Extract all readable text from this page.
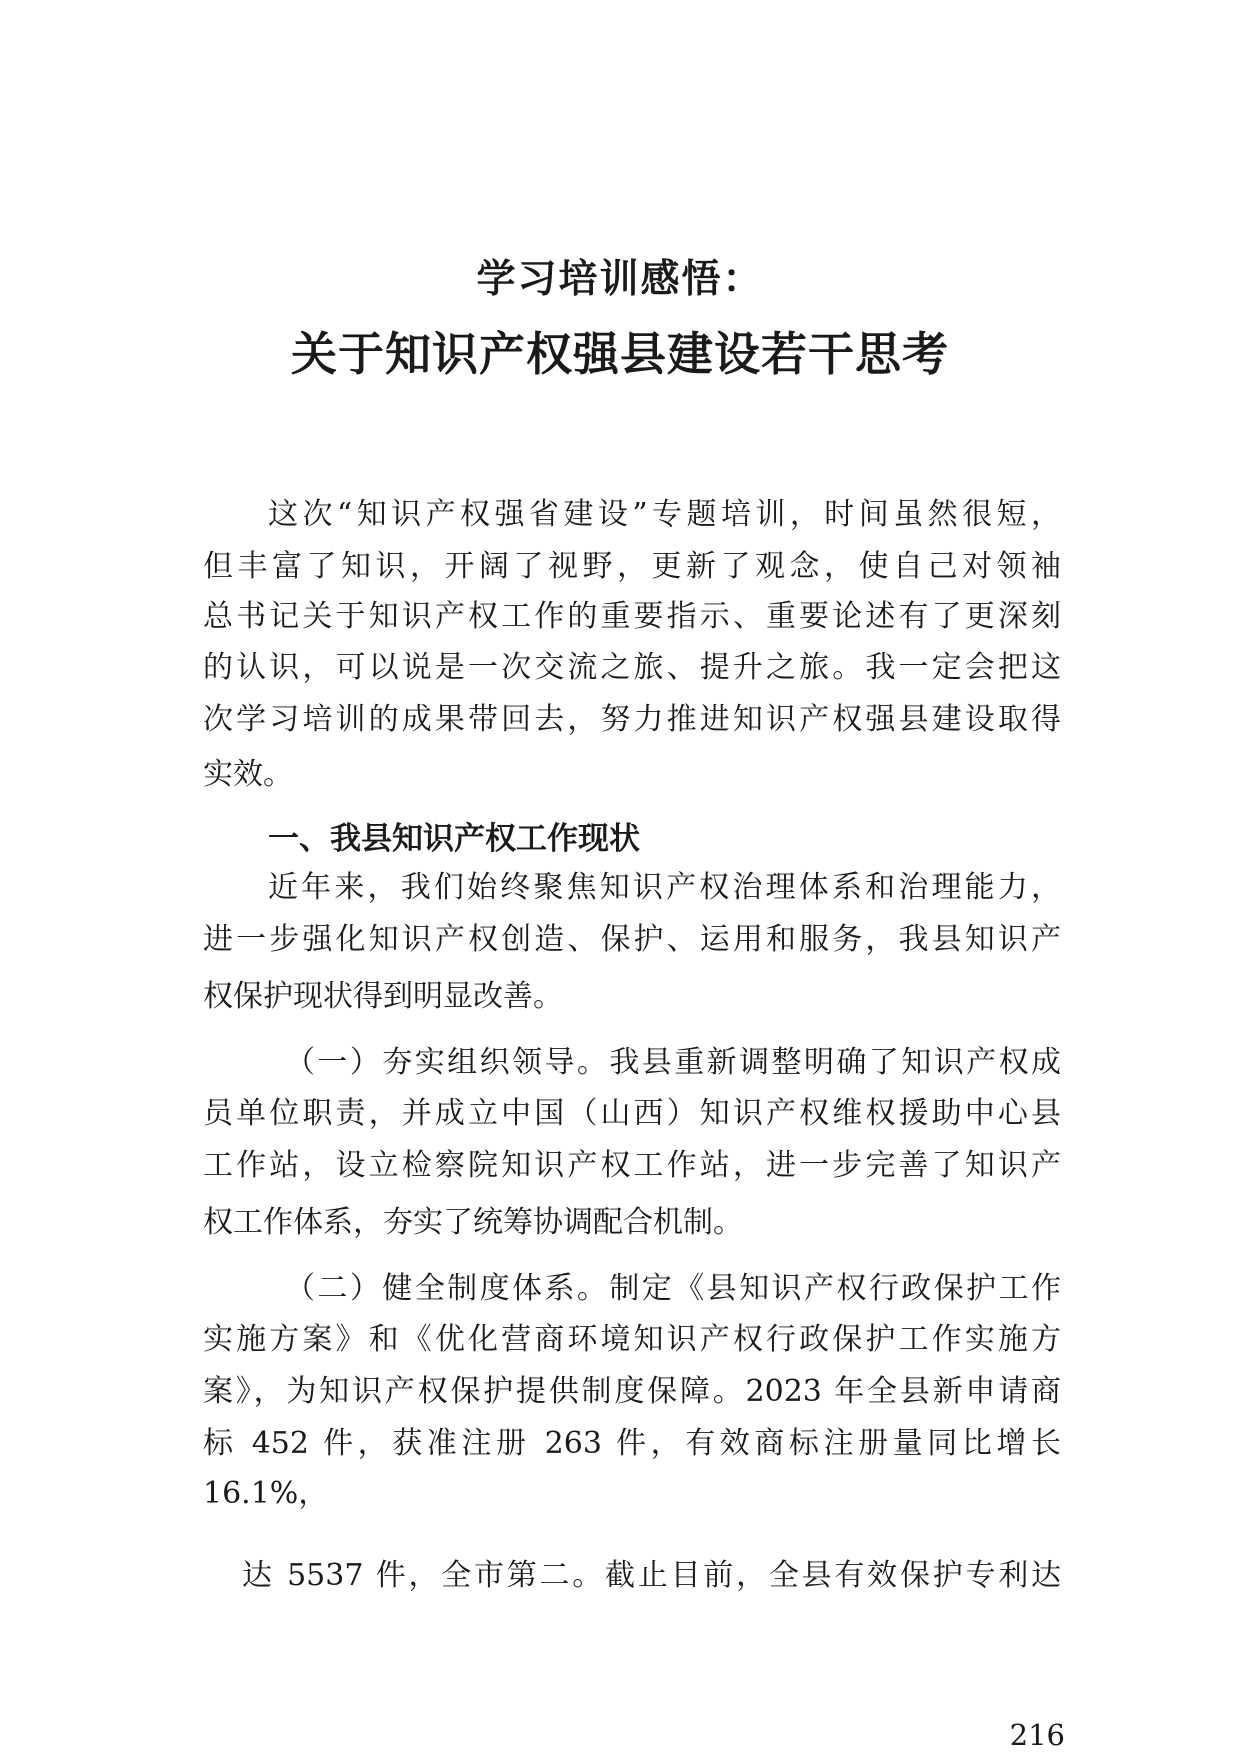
学习培训感悟：
关于知识产权强县建设若干思考
这次“知识产权强省建设”专题培训，时间虽然很短，
但丰富了知识，开阔了视野，更新了观念，使自己对领袖
总书记关于知识产权工作的重要指示、重要论述有了更深刻
的认识，可以说是一次交流之旅、提升之旅。我一定会把这
次学习培训的成果带回去，努力推进知识产权强县建设取得
实效。
一、我县知识产权工作现状
近年来，我们始终聚焦知识产权治理体系和治理能力，
进一步强化知识产权创造、保护、运用和服务，我县知识产
权保护现状得到明显改善。
（一）夯实组织领导。我县重新调整明确了知识产权成
员单位职责，并成立中国（山西）知识产权维权援助中心县
工作站，设立检察院知识产权工作站，进一步完善了知识产
权工作体系，夯实了统筹协调配合机制。
（二）健全制度体系。制定《县知识产权行政保护工作
实施方案》和《优化营商环境知识产权行政保护工作实施方
案》，为知识产权保护提供制度保障。2023 年全县新申请商
标 452 件，获准注册 263 件，有效商标注册量同比增长
16.1%，
达 5537 件，全市第二。截止目前，全县有效保护专利达
216
